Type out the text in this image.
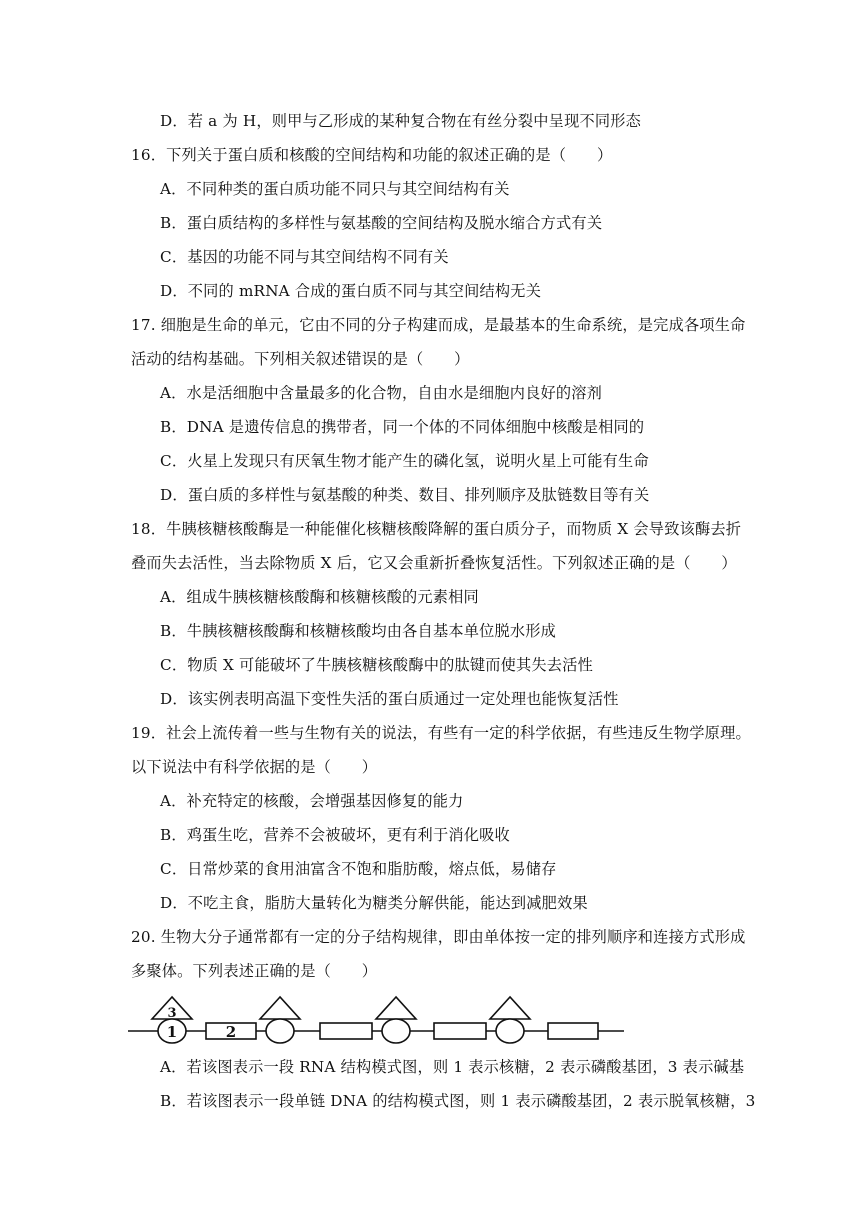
D．若 a 为 H，则甲与乙形成的某种复合物在有丝分裂中呈现不同形态
16．下列关于蛋白质和核酸的空间结构和功能的叙述正确的是（　　）
A．不同种类的蛋白质功能不同只与其空间结构有关
B．蛋白质结构的多样性与氨基酸的空间结构及脱水缩合方式有关
C．基因的功能不同与其空间结构不同有关
D．不同的 mRNA 合成的蛋白质不同与其空间结构无关
17. 细胞是生命的单元，它由不同的分子构建而成，是最基本的生命系统，是完成各项生命
活动的结构基础。下列相关叙述错误的是（　　）
A．水是活细胞中含量最多的化合物，自由水是细胞内良好的溶剂
B．DNA 是遗传信息的携带者，同一个体的不同体细胞中核酸是相同的
C．火星上发现只有厌氧生物才能产生的磷化氢，说明火星上可能有生命
D．蛋白质的多样性与氨基酸的种类、数目、排列顺序及肽链数目等有关
18．牛胰核糖核酸酶是一种能催化核糖核酸降解的蛋白质分子，而物质 X 会导致该酶去折
叠而失去活性，当去除物质 X 后，它又会重新折叠恢复活性。下列叙述正确的是（　　）
A．组成牛胰核糖核酸酶和核糖核酸的元素相同
B．牛胰核糖核酸酶和核糖核酸均由各自基本单位脱水形成
C．物质 X 可能破坏了牛胰核糖核酸酶中的肽键而使其失去活性
D．该实例表明高温下变性失活的蛋白质通过一定处理也能恢复活性
19．社会上流传着一些与生物有关的说法，有些有一定的科学依据，有些违反生物学原理。
以下说法中有科学依据的是（　　）
A．补充特定的核酸，会增强基因修复的能力
B．鸡蛋生吃，营养不会被破坏，更有利于消化吸收
C．日常炒菜的食用油富含不饱和脂肪酸，熔点低，易储存
D．不吃主食，脂肪大量转化为糖类分解供能，能达到减肥效果
20. 生物大分子通常都有一定的分子结构规律，即由单体按一定的排列顺序和连接方式形成
多聚体。下列表述正确的是（　　）
3
1	2
A．若该图表示一段 RNA 结构模式图，则 1 表示核糖，2 表示磷酸基团，3 表示碱基
B．若该图表示一段单链 DNA 的结构模式图，则 1 表示磷酸基团，2 表示脱氧核糖，3
